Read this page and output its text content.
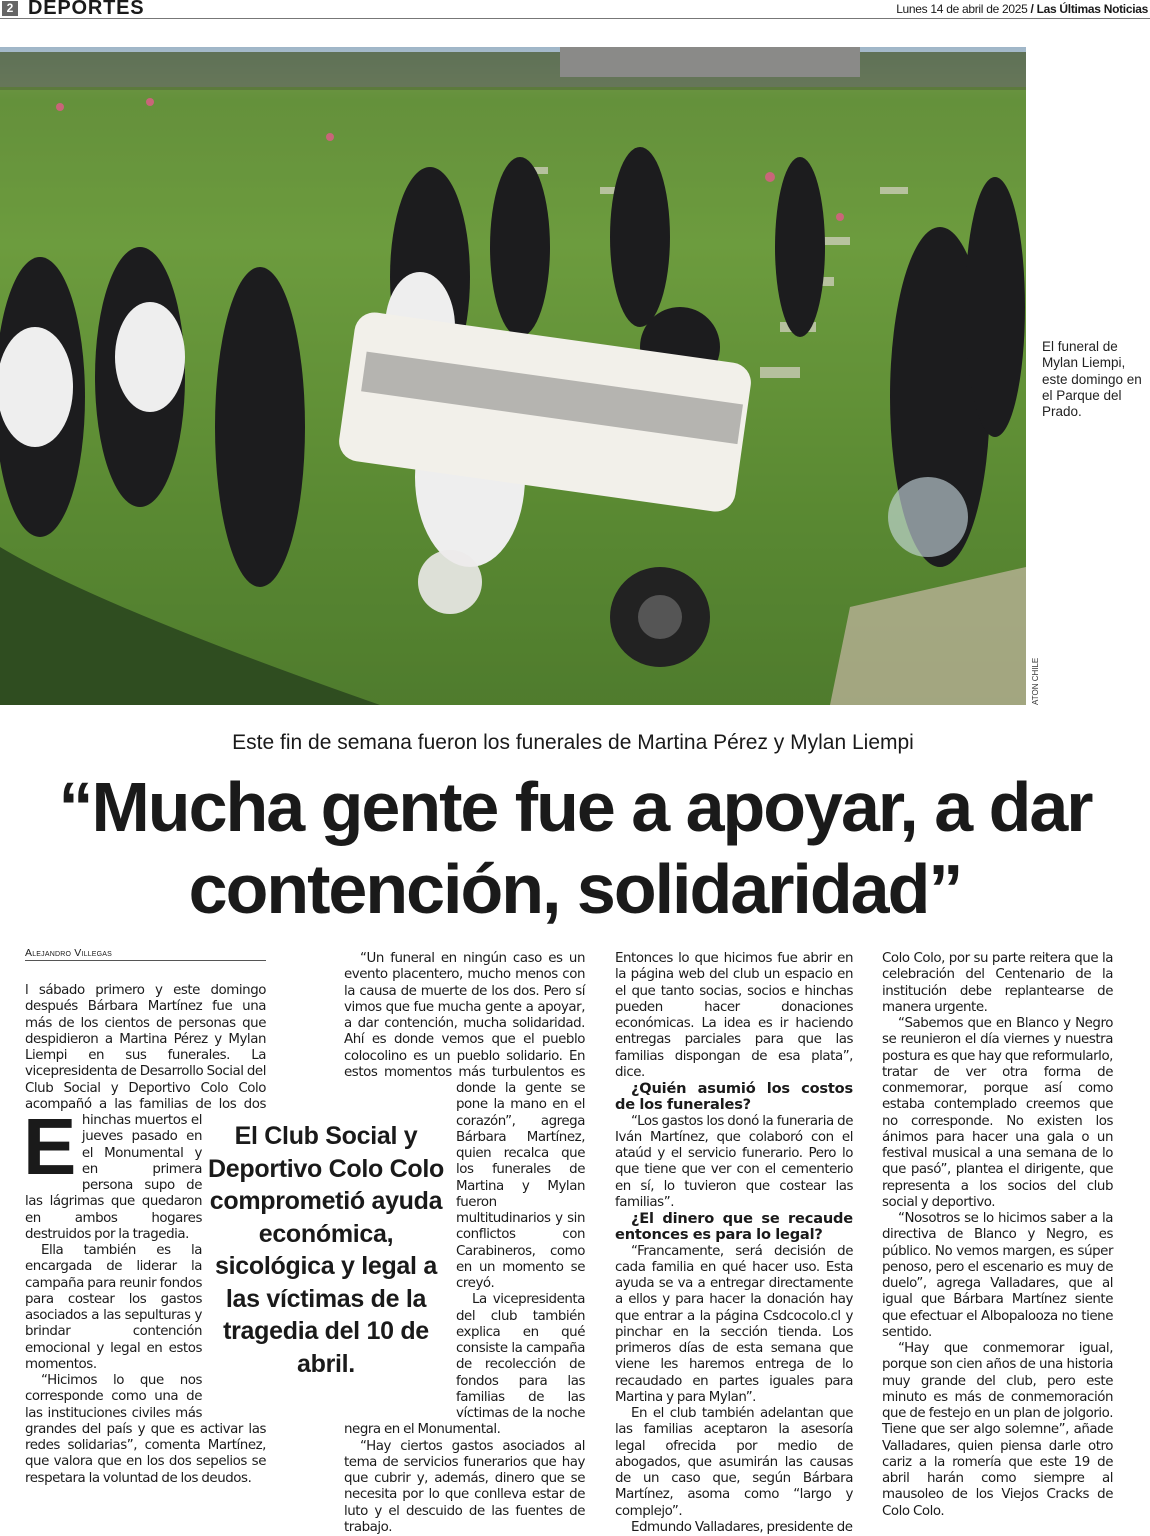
2 DEPORTES	Lunes 14 de abril de 2025 / Las Últimas Noticias
El funeral de Mylan Liempi, este domingo en el Parque del Prado.
ATON CHILE
Este fin de semana fueron los funerales de Martina Pérez y Mylan Liempi
“Mucha gente fue a apoyar, a dar
contención, solidaridad”
Alejandro Villegas
E

l sábado primero y este domingo después Bárbara Martínez fue una más de los cientos de personas que despidieron a Martina Pérez y Mylan Liempi en sus funerales. La vicepresidenta de Desarrollo Social del Club Social y Deportivo Colo Colo acompañó a las familias de los dos hinchas muertos el jueves pasado en el Monumental y en primera persona supo de las lágrimas que quedaron en ambos hogares destruidos por la tragedia.

Ella también es la encargada de liderar la campaña para reunir fondos para costear los gastos asociados a las sepulturas y brindar contención emocional y legal en estos momentos.

“Hicimos lo que nos corresponde como una de las instituciones civiles más grandes del país y que es activar las redes solidarias”, comenta Martínez, que valora que en los dos sepelios se respetara la voluntad de los deudos.

“Un funeral en ningún caso es un evento placentero, mucho menos con la causa de muerte de los dos. Pero sí vimos que fue mucha gente a apoyar, a dar contención, mucha solidaridad. Ahí es donde vemos que el pueblo colocolino es un pueblo solidario. En estos momentos más turbulentos es donde la gente se pone la mano en el corazón”, agrega Bárbara Martínez, quien recalca que los funerales de Martina y Mylan fueron multitudinarios y sin conflictos con Carabineros, como en un momento se creyó.

La vicepresidenta del club también explica en qué consiste la campaña de recolección de fondos para las familias de las víctimas de la noche negra en el Monumental.

“Hay ciertos gastos asociados al tema de servicios funerarios que hay que cubrir y, además, dinero que se necesita por lo que conlleva estar de luto y el descuido de las fuentes de trabajo.

Entonces lo que hicimos fue abrir en la página web del club un espacio en el que tanto socias, socios e hinchas pueden hacer donaciones económicas. La idea es ir haciendo entregas parciales para que las familias dispongan de esa plata”, dice.

¿Quién asumió los costos de los funerales?

“Los gastos los donó la funeraria de Iván Martínez, que colaboró con el ataúd y el servicio funerario. Pero lo que tiene que ver con el cementerio en sí, lo tuvieron que costear las familias”.

¿El dinero que se recaude entonces es para lo legal?

“Francamente, será decisión de cada familia en qué hacer uso. Esta ayuda se va a entregar directamente a ellos y para hacer la donación hay que entrar a la página Csdcocolo.cl y pinchar en la sección tienda. Los primeros días de esta semana que viene les haremos entrega de lo recaudado en partes iguales para Martina y para Mylan”.

En el club también adelantan que las familias aceptaron la asesoría legal ofrecida por medio de abogados, que asumirán las causas de un caso que, según Bárbara Martínez, asoma como “largo y complejo”.

Edmundo Valladares, presidente de

Colo Colo, por su parte reitera que la celebración del Centenario de la institución debe replantearse de manera urgente.

“Sabemos que en Blanco y Negro se reunieron el día viernes y nuestra postura es que hay que reformularlo, tratar de ver otra forma de conmemorar, porque así como estaba contemplado creemos que no corresponde. No existen los ánimos para hacer una gala o un festival musical a una semana de lo que pasó”, plantea el dirigente, que representa a los socios del club social y deportivo.

“Nosotros se lo hicimos saber a la directiva de Blanco y Negro, es público. No vemos margen, es súper penoso, pero el escenario es muy de duelo”, agrega Valladares, que al igual que Bárbara Martínez siente que efectuar el Albopalooza no tiene sentido.

“Hay que conmemorar igual, porque son cien años de una historia muy grande del club, pero este minuto es más de conmemoración que de festejo en un plan de jolgorio. Tiene que ser algo solemne”, añade Valladares, quien piensa darle otro cariz a la romería que este 19 de abril harán como siempre al mausoleo de los Viejos Cracks de Colo Colo.

El Club Social y Deportivo Colo Colo comprometió ayuda económica, sicológica y legal a las víctimas de la tragedia del 10 de abril.
